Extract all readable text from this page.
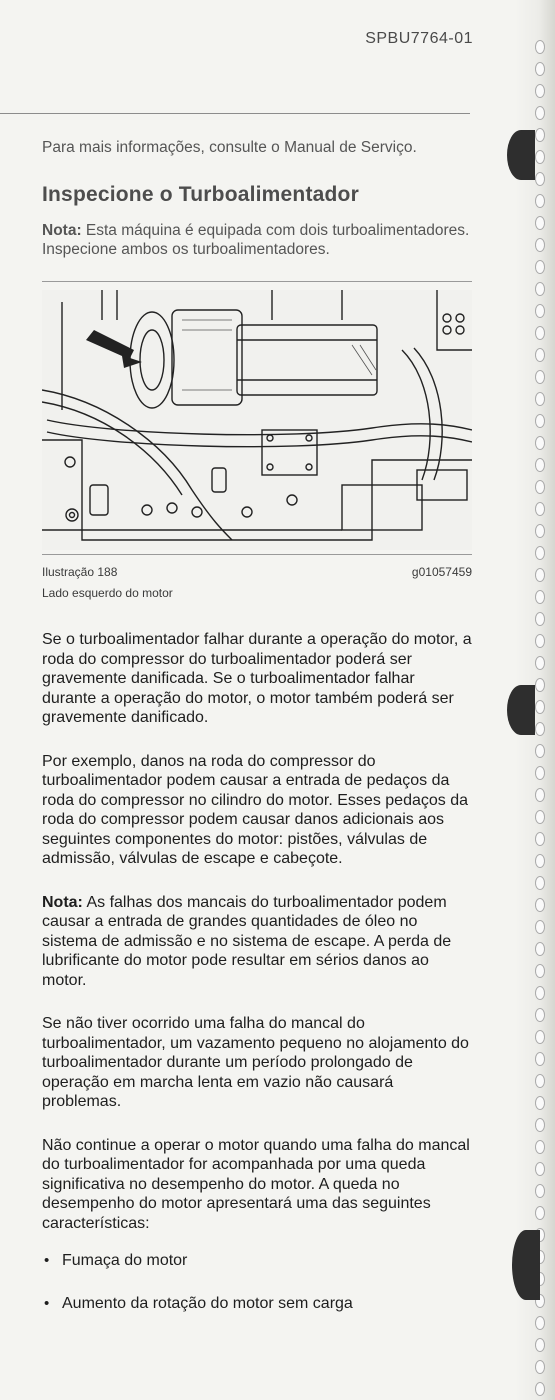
SPBU7764-01

Para mais informações, consulte o Manual de Serviço.

Inspecione o Turboalimentador

Nota: Esta máquina é equipada com dois turboalimentadores. Inspecione ambos os turboalimentadores.

Ilustração 188	g01057459
Lado esquerdo do motor

Se o turboalimentador falhar durante a operação do motor, a roda do compressor do turboalimentador poderá ser gravemente danificada. Se o turboalimentador falhar durante a operação do motor, o motor também poderá ser gravemente danificado.

Por exemplo, danos na roda do compressor do turboalimentador podem causar a entrada de pedaços da roda do compressor no cilindro do motor. Esses pedaços da roda do compressor podem causar danos adicionais aos seguintes componentes do motor: pistões, válvulas de admissão, válvulas de escape e cabeçote.

Nota: As falhas dos mancais do turboalimentador podem causar a entrada de grandes quantidades de óleo no sistema de admissão e no sistema de escape. A perda de lubrificante do motor pode resultar em sérios danos ao motor.

Se não tiver ocorrido uma falha do mancal do turboalimentador, um vazamento pequeno no alojamento do turboalimentador durante um período prolongado de operação em marcha lenta em vazio não causará problemas.

Não continue a operar o motor quando uma falha do mancal do turboalimentador for acompanhada por uma queda significativa no desempenho do motor. A queda no desempenho do motor apresentará uma das seguintes características:

• Fumaça do motor
• Aumento da rotação do motor sem carga
